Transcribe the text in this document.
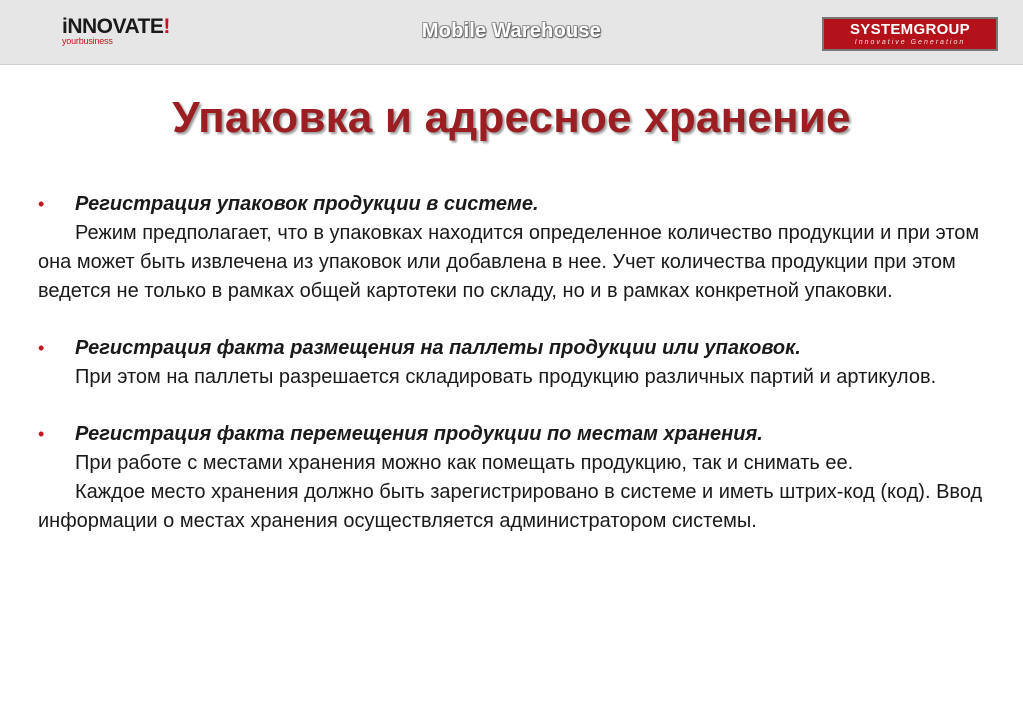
iNNOVATE!
yourbusiness	Mobile Warehouse	SYSTEMGROUP
Innovative Generation
Упаковка и адресное хранение
• Регистрация упаковок продукции в системе.

Режим предполагает, что в упаковках находится определенное количество продукции и при этом она может быть извлечена из упаковок или добавлена в нее. Учет количества продукции при этом ведется не только в рамках общей картотеки по складу, но и в рамках конкретной упаковки.

• Регистрация факта размещения на паллеты продукции или упаковок.

При этом на паллеты разрешается складировать продукцию различных партий и артикулов.

• Регистрация факта перемещения продукции по местам хранения.

При работе с местами хранения можно как помещать продукцию, так и снимать ее.

Каждое место хранения должно быть зарегистрировано в системе и иметь штрих-код (код). Ввод информации о местах хранения осуществляется администратором системы.
